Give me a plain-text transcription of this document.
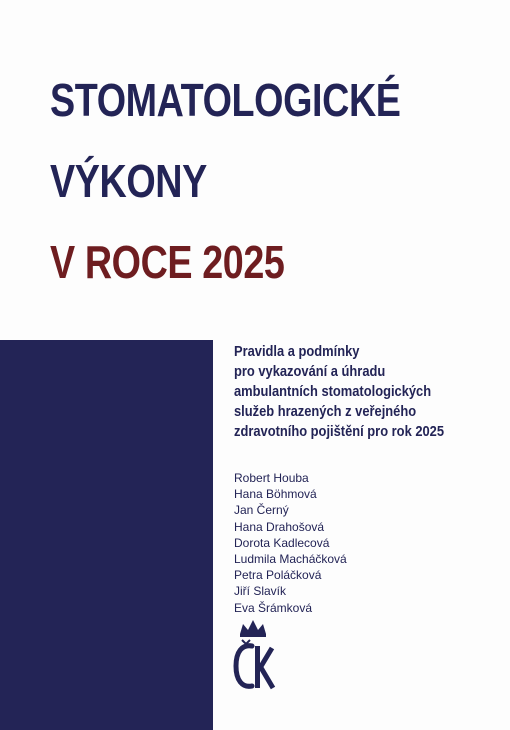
STOMATOLOGICKÉ
VÝKONY
V ROCE 2025
Pravidla a podmínky
pro vykazování a úhradu
ambulantních stomatologických
služeb hrazených z veřejného
zdravotního pojištění pro rok 2025
Robert Houba
Hana Böhmová
Jan Černý
Hana Drahošová
Dorota Kadlecová
Ludmila Macháčková
Petra Poláčková
Jiří Slavík
Eva Šrámková
